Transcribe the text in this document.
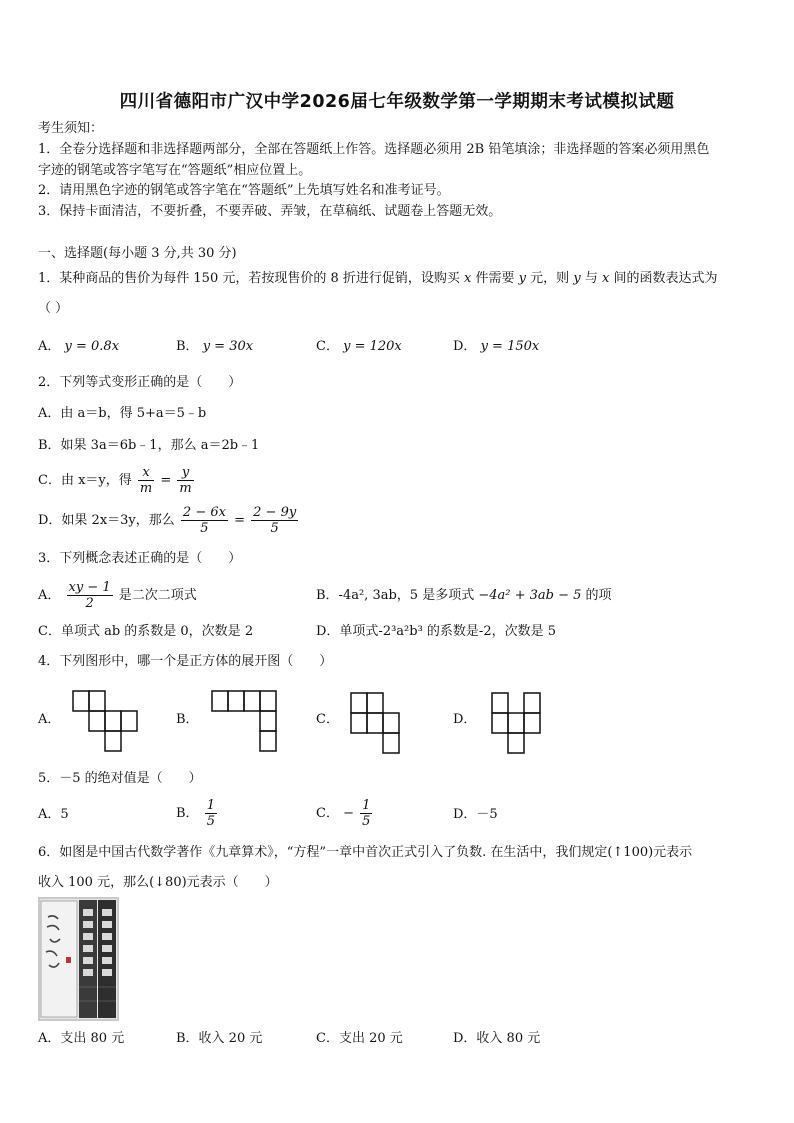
四川省德阳市广汉中学2026届七年级数学第一学期期末考试模拟试题
考生须知：
1．全卷分选择题和非选择题两部分，全部在答题纸上作答。选择题必须用 2B 铅笔填涂；非选择题的答案必须用黑色
字迹的钢笔或答字笔写在“答题纸”相应位置上。
2．请用黑色字迹的钢笔或答字笔在“答题纸”上先填写姓名和准考证号。
3．保持卡面清洁，不要折叠，不要弄破、弄皱，在草稿纸、试题卷上答题无效。
一、选择题(每小题 3 分,共 30 分)
1．某种商品的售价为每件 150 元，若按现售价的 8 折进行促销，设购买 x 件需要 y 元，则 y 与 x 间的函数表达式为
（ ）
A． y = 0.8x	B． y = 30x	C． y = 120x	D． y = 150x
2．下列等式变形正确的是（　　）
A．由 a＝b，得 5+a＝5﹣b
B．如果 3a＝6b﹣1，那么 a＝2b﹣1
C．由 x＝y，得 $\frac{x}{m} = \frac{y}{m}$
D．如果 2x＝3y，那么 $\frac{2 - 6x}{5} = \frac{2 - 9y}{5}$
3．下列概念表述正确的是（　　）
A． $\frac{xy - 1}{2}$ 是二次二项式	B．-4a², 3ab，5 是多项式 −4a² + 3ab − 5 的项
C．单项式 ab 的系数是 0，次数是 2	D．单项式-2³a²b³ 的系数是-2，次数是 5
4．下列图形中，哪一个是正方体的展开图（　　）
A．	B．	C．	D．
5．－5 的绝对值是（　　）
A．5	B． $\frac{1}{5}$	C． − $\frac{1}{5}$	D．－5
6．如图是中国古代数学著作《九章算术》，“方程”一章中首次正式引入了负数. 在生活中，我们规定(↑100)元表示
收入 100 元，那么(↓80)元表示（　　）
A．支出 80 元	B．收入 20 元	C．支出 20 元	D．收入 80 元
